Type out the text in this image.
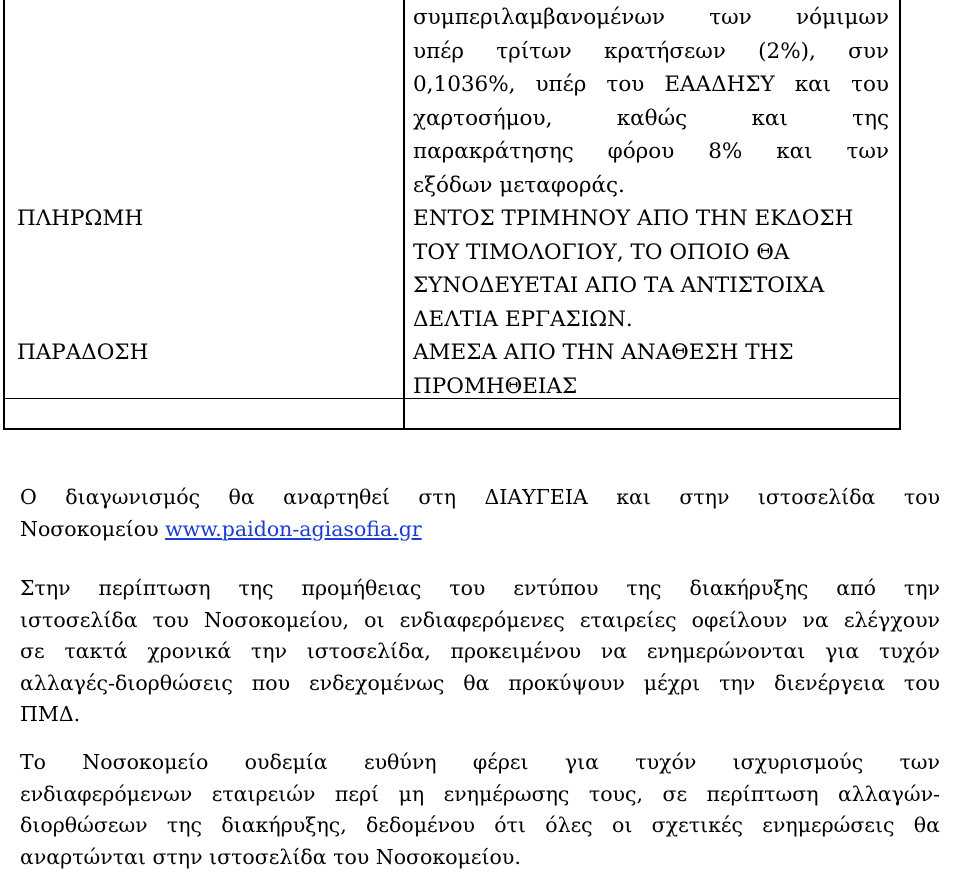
συμπεριλαμβανομένων των νόμιμων
υπέρ τρίτων κρατήσεων (2%), συν
0,1036%, υπέρ του ΕΑΑΔΗΣΥ και του
χαρτοσήμου, καθώς και της
παρακράτησης φόρου 8% και των
εξόδων μεταφοράς.
ΠΛΗΡΩΜΗ	ΕΝΤΟΣ ΤΡΙΜΗΝΟΥ ΑΠΟ ΤΗΝ ΕΚΔΟΣΗ
ΤΟΥ ΤΙΜΟΛΟΓΙΟΥ, ΤΟ ΟΠΟΙΟ ΘΑ
ΣΥΝΟΔΕΥΕΤΑΙ ΑΠΟ ΤΑ ΑΝΤΙΣΤΟΙΧΑ
ΔΕΛΤΙΑ ΕΡΓΑΣΙΩΝ.
ΠΑΡΑΔΟΣΗ	ΑΜΕΣΑ ΑΠΟ ΤΗΝ ΑΝΑΘΕΣΗ ΤΗΣ
ΠΡΟΜΗΘΕΙΑΣ
Ο διαγωνισμός θα αναρτηθεί στη ΔΙΑΥΓΕΙΑ και στην ιστοσελίδα του
Νοσοκομείου www.paidon-agiasofia.gr
Στην περίπτωση της προμήθειας του εντύπου της διακήρυξης από την
ιστοσελίδα του Νοσοκομείου, οι ενδιαφερόμενες εταιρείες οφείλουν να ελέγχουν
σε τακτά χρονικά την ιστοσελίδα, προκειμένου να ενημερώνονται για τυχόν
αλλαγές-διορθώσεις που ενδεχομένως θα προκύψουν μέχρι την διενέργεια του
ΠΜΔ.
Το Νοσοκομείο ουδεμία ευθύνη φέρει για τυχόν ισχυρισμούς των
ενδιαφερόμενων εταιρειών περί μη ενημέρωσης τους, σε περίπτωση αλλαγών-
διορθώσεων της διακήρυξης, δεδομένου ότι όλες οι σχετικές ενημερώσεις θα
αναρτώνται στην ιστοσελίδα του Νοσοκομείου.
